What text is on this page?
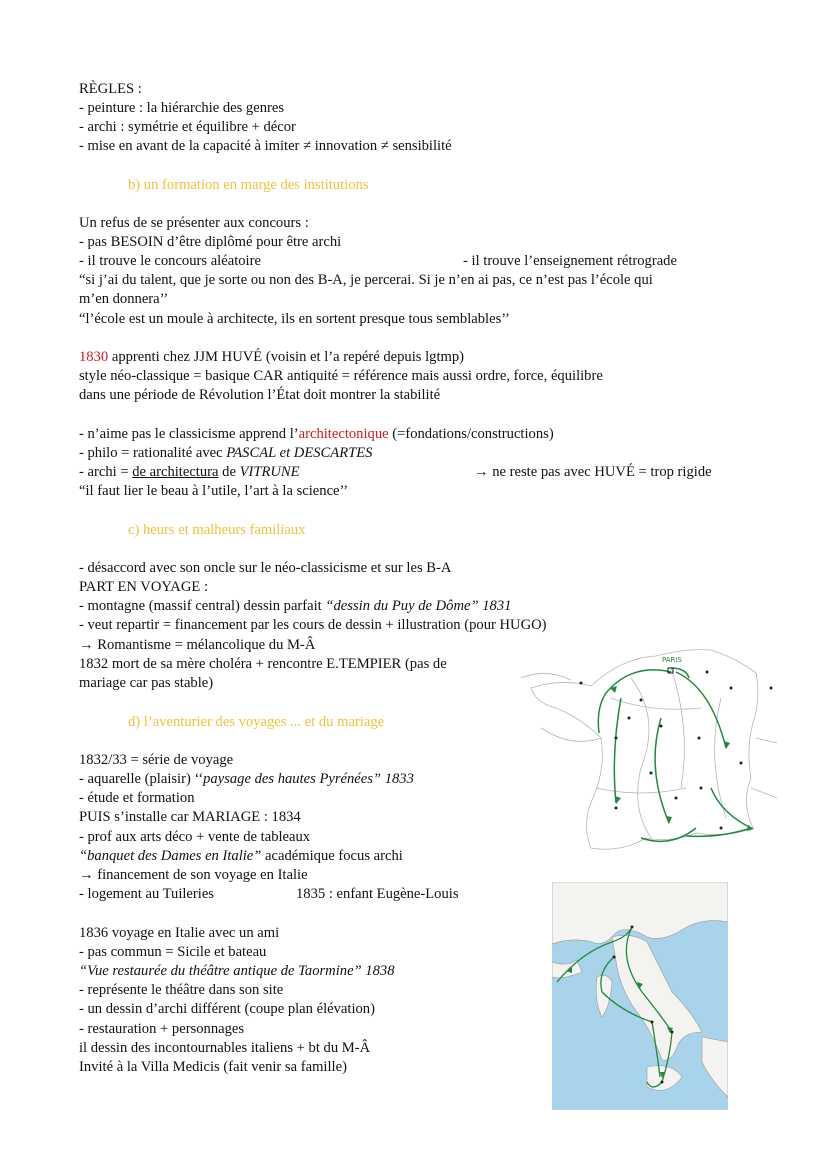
RÈGLES :
- peinture : la hiérarchie des genres
- archi : symétrie et équilibre + décor
- mise en avant de la capacité à imiter ≠ innovation ≠ sensibilité
b) un formation en marge des institutions
Un refus de se présenter aux concours :
- pas BESOIN d’être diplômé pour être archi
- il trouve le concours aléatoire	- il trouve l’enseignement rétrograde
“si j’ai du talent, que je sorte ou non des B-A, je percerai. Si je n’en ai pas, ce n’est pas l’école qui
m’en donnera’’
“l’école est un moule à architecte, ils en sortent presque tous semblables’’
1830 apprenti chez JJM HUVÉ (voisin et l’a repéré depuis lgtmp)
style néo-classique = basique CAR antiquité = référence mais aussi ordre, force, équilibre
dans une période de Révolution l’État doit montrer la stabilité
- n’aime pas le classicisme apprend l’architectonique (=fondations/constructions)
- philo = rationalité avec PASCAL et DESCARTES
- archi = de architectura de VITRUNE	→ ne reste pas avec HUVÉ = trop rigide
“il faut lier le beau à l’utile, l’art à la science’’
c) heurs et malheurs familiaux
- désaccord avec son oncle sur le néo-classicisme et sur les B-A
PART EN VOYAGE :
- montagne (massif central) dessin parfait “dessin du Puy de Dôme” 1831
- veut repartir = financement par les cours de dessin + illustration (pour HUGO)
→ Romantisme = mélancolique du M-Â
1832 mort de sa mère choléra + rencontre E.TEMPIER (pas de
mariage car pas stable)
d) l’aventurier des voyages ... et du mariage
1832/33 = série de voyage
- aquarelle (plaisir) ‘‘paysage des hautes Pyrénées” 1833
- étude et formation
PUIS s’installe car MARIAGE : 1834
- prof aux arts déco + vente de tableaux
“banquet des Dames en Italie” académique focus archi
→ financement de son voyage en Italie
- logement au Tuileries	1835 : enfant Eugène-Louis
1836 voyage en Italie avec un ami
- pas commun = Sicile et bateau
“Vue restaurée du théâtre antique de Taormine” 1838
- représente le théâtre dans son site
- un dessin d’archi différent (coupe plan élévation)
- restauration + personnages
il dessin des incontournables italiens + bt du M-Â
Invité à la Villa Medicis (fait venir sa famille)
PARIS
